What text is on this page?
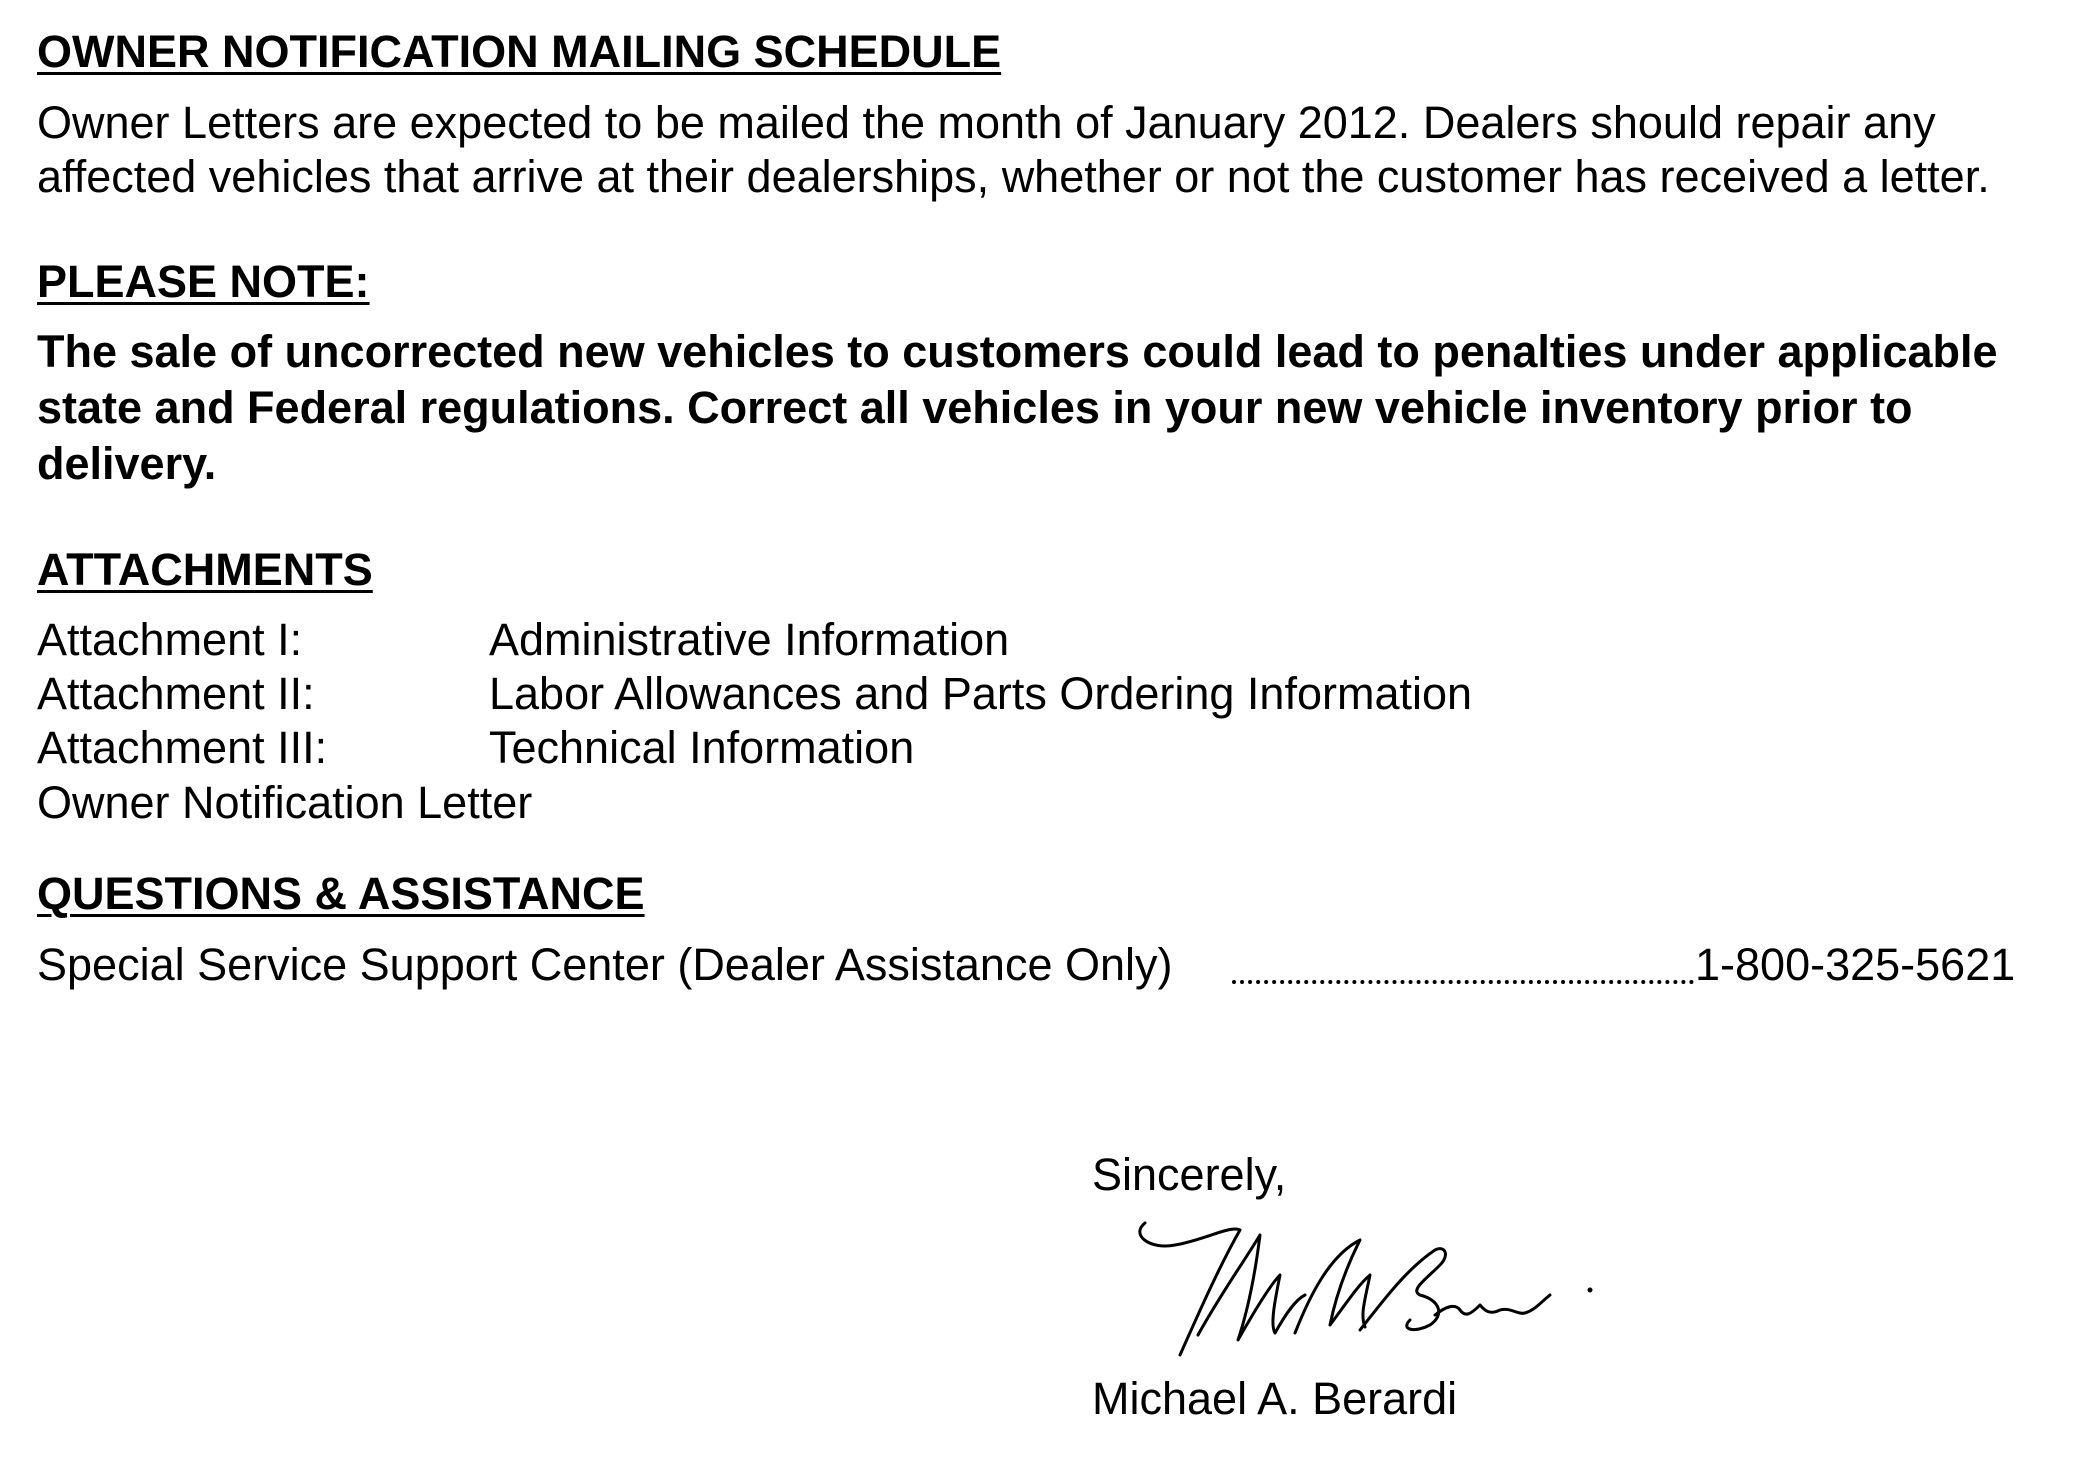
OWNER NOTIFICATION MAILING SCHEDULE
Owner Letters are expected to be mailed the month of January 2012. Dealers should repair any
affected vehicles that arrive at their dealerships, whether or not the customer has received a letter.
PLEASE NOTE:
The sale of uncorrected new vehicles to customers could lead to penalties under applicable
state and Federal regulations. Correct all vehicles in your new vehicle inventory prior to
delivery.
ATTACHMENTS
Attachment I:	Administrative Information
Attachment II:	Labor Allowances and Parts Ordering Information
Attachment III:	Technical Information
Owner Notification Letter
QUESTIONS & ASSISTANCE
Special Service Support Center (Dealer Assistance Only)	1-800-325-5621
Sincerely,
Michael A. Berardi
